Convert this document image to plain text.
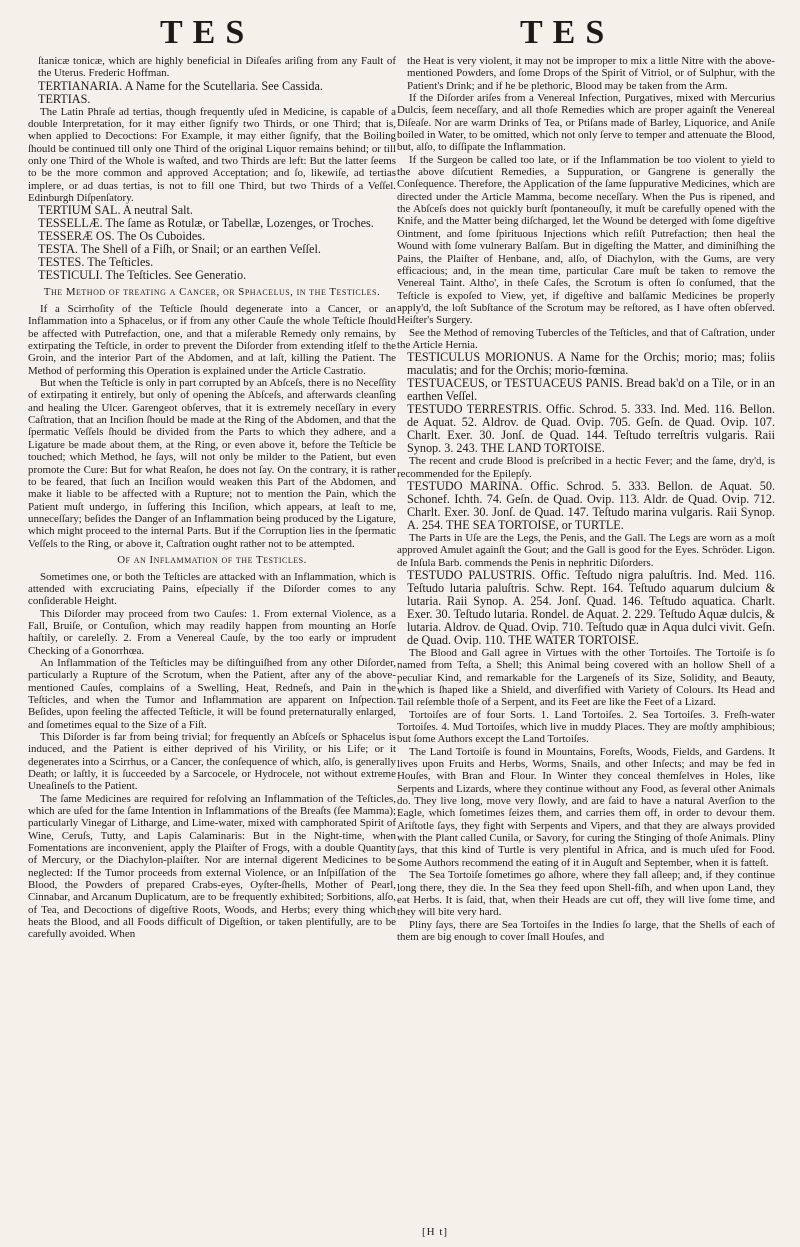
TES	TES

ſtanicæ tonicæ, which are highly beneficial in Diſeaſes ariſing from any Fault of the Uterus. Frederic Hoffman.

TERTIANARIA. A Name for the Scutellaria. See Cassida.

TERTIAS.

The Latin Phraſe ad tertias, though frequently uſed in Medicine, is capable of a double Interpretation, for it may either ſignify two Thirds, or one Third; that is, when applied to Decoctions: For Example, it may either ſignify, that the Boiling ſhould be continued till only one Third of the original Liquor remains behind; or till only one Third of the Whole is waſted, and two Thirds are left: But the latter ſeems to be the more common and approved Acceptation; and ſo, likewiſe, ad tertias implere, or ad duas tertias, is not to fill one Third, but two Thirds of a Veſſel. Edinburgh Diſpenſatory.

TERTIUM SAL. A neutral Salt.

TESSELLÆ. The ſame as Rotulæ, or Tabellæ, Lozenges, or Troches.

TESSERÆ OS. The Os Cuboides.

TESTA. The Shell of a Fiſh, or Snail; or an earthen Veſſel.

TESTES. The Teſticles.

TESTICULI. The Teſticles. See Generatio.

The Method of treating a Cancer, or Sphacelus, in the Testicles.

If a Scirrhoſity of the Teſticle ſhould degenerate into a Cancer, or an Inflammation into a Sphacelus, or if from any other Cauſe the whole Teſticle ſhould be affected with Putrefaction, one, and that a miſerable Remedy only remains, by extirpating the Teſticle, in order to prevent the Diſorder from extending itſelf to the Groin, and the interior Part of the Abdomen, and at laſt, killing the Patient. The Method of performing this Operation is explained under the Article Castratio.

But when the Teſticle is only in part corrupted by an Abſceſs, there is no Neceſſity of extirpating it entirely, but only of opening the Abſceſs, and afterwards cleanſing and healing the Ulcer. Garengeot obſerves, that it is extremely neceſſary in every Caſtration, that an Inciſion ſhould be made at the Ring of the Abdomen, and that the ſpermatic Veſſels ſhould be divided from the Parts to which they adhere, and a Ligature be made about them, at the Ring, or even above it, before the Teſticle be touched; which Method, he ſays, will not only be milder to the Patient, but even promote the Cure: But for what Reaſon, he does not ſay. On the contrary, it is rather to be feared, that ſuch an Inciſion would weaken this Part of the Abdomen, and make it liable to be affected with a Rupture; not to mention the Pain, which the Patient muſt undergo, in ſuffering this Inciſion, which appears, at leaſt to me, unneceſſary; beſides the Danger of an Inflammation being produced by the Ligature, which might proceed to the internal Parts. But if the Corruption lies in the ſpermatic Veſſels to the Ring, or above it, Caſtration ought rather not to be attempted.

Of an Inflammation of the Testicles.

Sometimes one, or both the Teſticles are attacked with an Inflammation, which is attended with excruciating Pains, eſpecially if the Diſorder comes to any conſiderable Height.

This Diſorder may proceed from two Cauſes: 1. From external Violence, as a Fall, Bruiſe, or Contuſion, which may readily happen from mounting an Horſe haſtily, or careleſly. 2. From a Venereal Cauſe, by the too early or imprudent Checking of a Gonorrhœa.

An Inflammation of the Teſticles may be diſtinguiſhed from any other Diſorder, particularly a Rupture of the Scrotum, when the Patient, after any of the above-mentioned Cauſes, complains of a Swelling, Heat, Redneſs, and Pain in the Teſticles, and when the Tumor and Inflammation are apparent on Inſpection. Beſides, upon feeling the affected Teſticle, it will be found preternaturally enlarged, and ſometimes equal to the Size of a Fiſt.

This Diſorder is far from being trivial; for frequently an Abſceſs or Sphacelus is induced, and the Patient is either deprived of his Virility, or his Life; or it degenerates into a Scirrhus, or a Cancer, the conſequence of which, alſo, is generally Death; or laſtly, it is ſucceeded by a Sarcocele, or Hydrocele, not without extreme Uneaſineſs to the Patient.

The ſame Medicines are required for reſolving an Inflammation of the Teſticles, which are uſed for the ſame Intention in Inflammations of the Breaſts (ſee Mamma); particularly Vinegar of Litharge, and Lime-water, mixed with camphorated Spirit of Wine, Ceruſs, Tutty, and Lapis Calaminaris: But in the Night-time, when Fomentations are inconvenient, apply the Plaiſter of Frogs, with a double Quantity of Mercury, or the Diachylon-plaiſter. Nor are internal digerent Medicines to be neglected: If the Tumor proceeds from external Violence, or an Inſpiſſation of the Blood, the Powders of prepared Crabs-eyes, Oyſter-ſhells, Mother of Pearl, Cinnabar, and Arcanum Duplicatum, are to be frequently exhibited; Sorbitions, alſo, of Tea, and Decoctions of digeſtive Roots, Woods, and Herbs; every thing which heats the Blood, and all Foods difficult of Digeſtion, or taken plentifully, are to be carefully avoided. When

the Heat is very violent, it may not be improper to mix a little Nitre with the above-mentioned Powders, and ſome Drops of the Spirit of Vitriol, or of Sulphur, with the Patient's Drink; and if he be plethoric, Blood may be taken from the Arm.

If the Diſorder ariſes from a Venereal Infection, Purgatives, mixed with Mercurius Dulcis, ſeem neceſſary, and all thoſe Remedies which are proper againſt the Venereal Diſeaſe. Nor are warm Drinks of Tea, or Ptiſans made of Barley, Liquorice, and Aniſe boiled in Water, to be omitted, which not only ſerve to temper and attenuate the Blood, but, alſo, to diſſipate the Inflammation.

If the Surgeon be called too late, or if the Inflammation be too violent to yield to the above diſcutient Remedies, a Suppuration, or Gangrene is generally the Conſequence. Therefore, the Application of the ſame ſuppurative Medicines, which are directed under the Article Mamma, become neceſſary. When the Pus is ripened, and the Abſceſs does not quickly burſt ſpontaneouſly, it muſt be carefully opened with the Knife, and the Matter being diſcharged, let the Wound be deterged with ſome digeſtive Ointment, and ſome ſpirituous Injections which reſiſt Putrefaction; then heal the Wound with ſome vulnerary Balſam. But in digeſting the Matter, and diminiſhing the Pains, the Plaiſter of Henbane, and, alſo, of Diachylon, with the Gums, are very efficacious; and, in the mean time, particular Care muſt be taken to remove the Venereal Taint. Altho', in theſe Caſes, the Scrotum is often ſo conſumed, that the Teſticle is expoſed to View, yet, if digeſtive and balſamic Medicines be properly apply'd, the loſt Subſtance of the Scrotum may be reſtored, as I have often obſerved. Heiſter's Surgery.

See the Method of removing Tubercles of the Teſticles, and that of Caſtration, under the Article Hernia.

TESTICULUS MORIONUS. A Name for the Orchis; morio; mas; foliis maculatis; and for the Orchis; morio-fœmina.

TESTUACEUS, or TESTUACEUS PANIS. Bread bak'd on a Tile, or in an earthen Veſſel.

TESTUDO TERRESTRIS. Offic. Schrod. 5. 333. Ind. Med. 116. Bellon. de Aquat. 52. Aldrov. de Quad. Ovip. 705. Geſn. de Quad. Ovip. 107. Charlt. Exer. 30. Jonſ. de Quad. 144. Teſtudo terreſtris vulgaris. Raii Synop. 3. 243. THE LAND TORTOISE.

The recent and crude Blood is preſcribed in a hectic Fever; and the ſame, dry'd, is recommended for the Epilepſy.

TESTUDO MARINA. Offic. Schrod. 5. 333. Bellon. de Aquat. 50. Schonef. Ichth. 74. Geſn. de Quad. Ovip. 113. Aldr. de Quad. Ovip. 712. Charlt. Exer. 30. Jonſ. de Quad. 147. Teſtudo marina vulgaris. Raii Synop. A. 254. THE SEA TORTOISE, or TURTLE.

The Parts in Uſe are the Legs, the Penis, and the Gall. The Legs are worn as a moſt approved Amulet againſt the Gout; and the Gall is good for the Eyes. Schröder. Ligon. de Inſula Barb. commends the Penis in nephritic Diſorders.

TESTUDO PALUSTRIS. Offic. Teſtudo nigra paluſtris. Ind. Med. 116. Teſtudo lutaria paluſtris. Schw. Rept. 164. Teſtudo aquarum dulcium & lutaria. Raii Synop. A. 254. Jonſ. Quad. 146. Teſtudo aquatica. Charlt. Exer. 30. Teſtudo lutaria. Rondel. de Aquat. 2. 229. Teſtudo Aquæ dulcis, & lutaria. Aldrov. de Quad. Ovip. 710. Teſtudo quæ in Aqua dulci vivit. Geſn. de Quad. Ovip. 110. THE WATER TORTOISE.

The Blood and Gall agree in Virtues with the other Tortoiſes. The Tortoiſe is ſo named from Teſta, a Shell; this Animal being covered with an hollow Shell of a peculiar Kind, and remarkable for the Largeneſs of its Size, Solidity, and Beauty, which is ſhaped like a Shield, and diverſified with Variety of Colours. Its Head and Tail reſemble thoſe of a Serpent, and its Feet are like the Feet of a Lizard.

Tortoiſes are of four Sorts. 1. Land Tortoiſes. 2. Sea Tortoiſes. 3. Freſh-water Tortoiſes. 4. Mud Tortoiſes, which live in muddy Places. They are moſtly amphibious; but ſome Authors except the Land Tortoiſes.

The Land Tortoiſe is found in Mountains, Foreſts, Woods, Fields, and Gardens. It lives upon Fruits and Herbs, Worms, Snails, and other Inſects; and may be fed in Houſes, with Bran and Flour. In Winter they conceal themſelves in Holes, like Serpents and Lizards, where they continue without any Food, as ſeveral other Animals do. They live long, move very ſlowly, and are ſaid to have a natural Averſion to the Eagle, which ſometimes ſeizes them, and carries them off, in order to devour them. Ariſtotle ſays, they fight with Serpents and Vipers, and that they are always provided with the Plant called Cunila, or Savory, for curing the Stinging of thoſe Animals. Pliny ſays, that this kind of Turtle is very plentiful in Africa, and is much uſed for Food. Some Authors recommend the eating of it in Auguſt and September, when it is fatteſt.

The Sea Tortoiſe ſometimes go aſhore, where they fall aſleep; and, if they continue long there, they die. In the Sea they feed upon Shell-fiſh, and when upon Land, they eat Herbs. It is ſaid, that, when their Heads are cut off, they will live ſome time, and they will bite very hard.

Pliny ſays, there are Sea Tortoiſes in the Indies ſo large, that the Shells of each of them are big enough to cover ſmall Houſes, and

[H t]
